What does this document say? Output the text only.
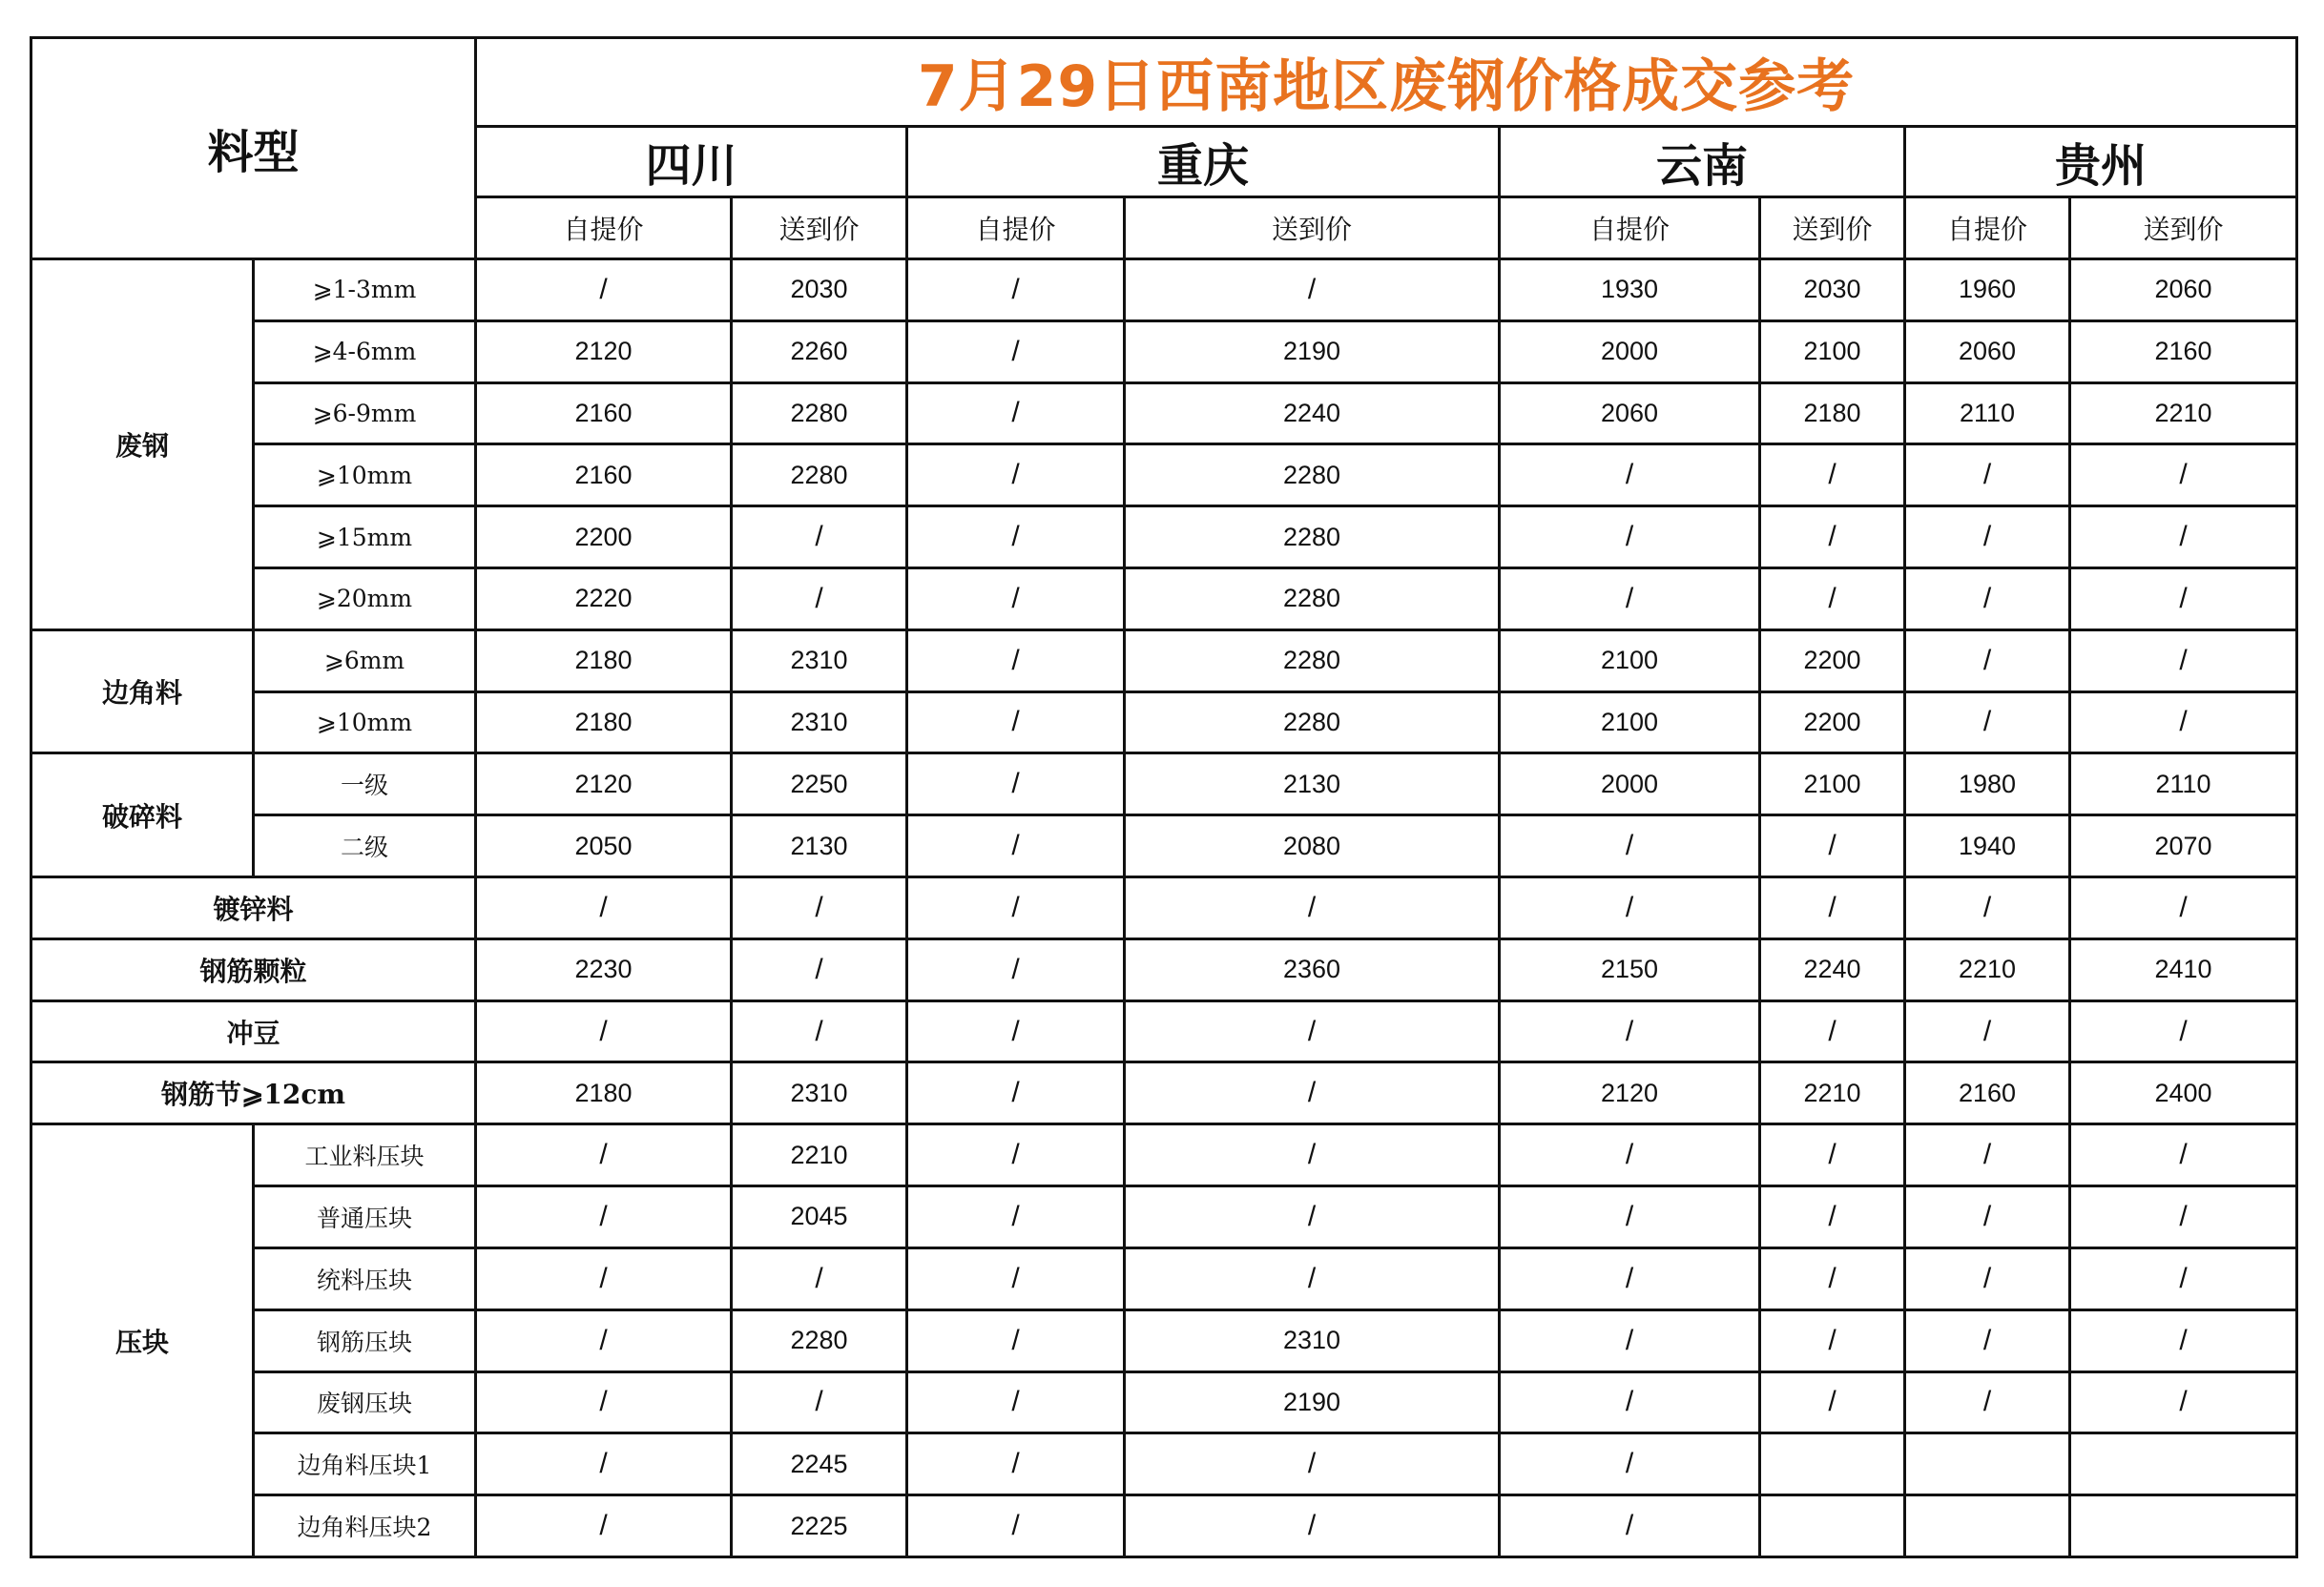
料型		7月29日西南地区废钢价格成交参考							
		四川		重庆		云南		贵州	
		自提价	送到价	自提价	送到价	自提价	送到价	自提价	送到价
废钢	⩾1-3mm	/	2030	/	/	1930	2030	1960	2060
	⩾4-6mm	2120	2260	/	2190	2000	2100	2060	2160
	⩾6-9mm	2160	2280	/	2240	2060	2180	2110	2210
	⩾10mm	2160	2280	/	2280	/	/	/	/
	⩾15mm	2200	/	/	2280	/	/	/	/
	⩾20mm	2220	/	/	2280	/	/	/	/
边角料	⩾6mm	2180	2310	/	2280	2100	2200	/	/
	⩾10mm	2180	2310	/	2280	2100	2200	/	/
破碎料	一级	2120	2250	/	2130	2000	2100	1980	2110
	二级	2050	2130	/	2080	/	/	1940	2070
镀锌料		/	/	/	/	/	/	/	/
钢筋颗粒		2230	/	/	2360	2150	2240	2210	2410
冲豆		/	/	/	/	/	/	/	/
钢筋节⩾12cm		2180	2310	/	/	2120	2210	2160	2400
压块	工业料压块	/	2210	/	/	/	/	/	/
	普通压块	/	2045	/	/	/	/	/	/
	统料压块	/	/	/	/	/	/	/	/
	钢筋压块	/	2280	/	2310	/	/	/	/
	废钢压块	/	/	/	2190	/	/	/	/
	边角料压块1	/	2245	/	/	/			
	边角料压块2	/	2225	/	/	/			
